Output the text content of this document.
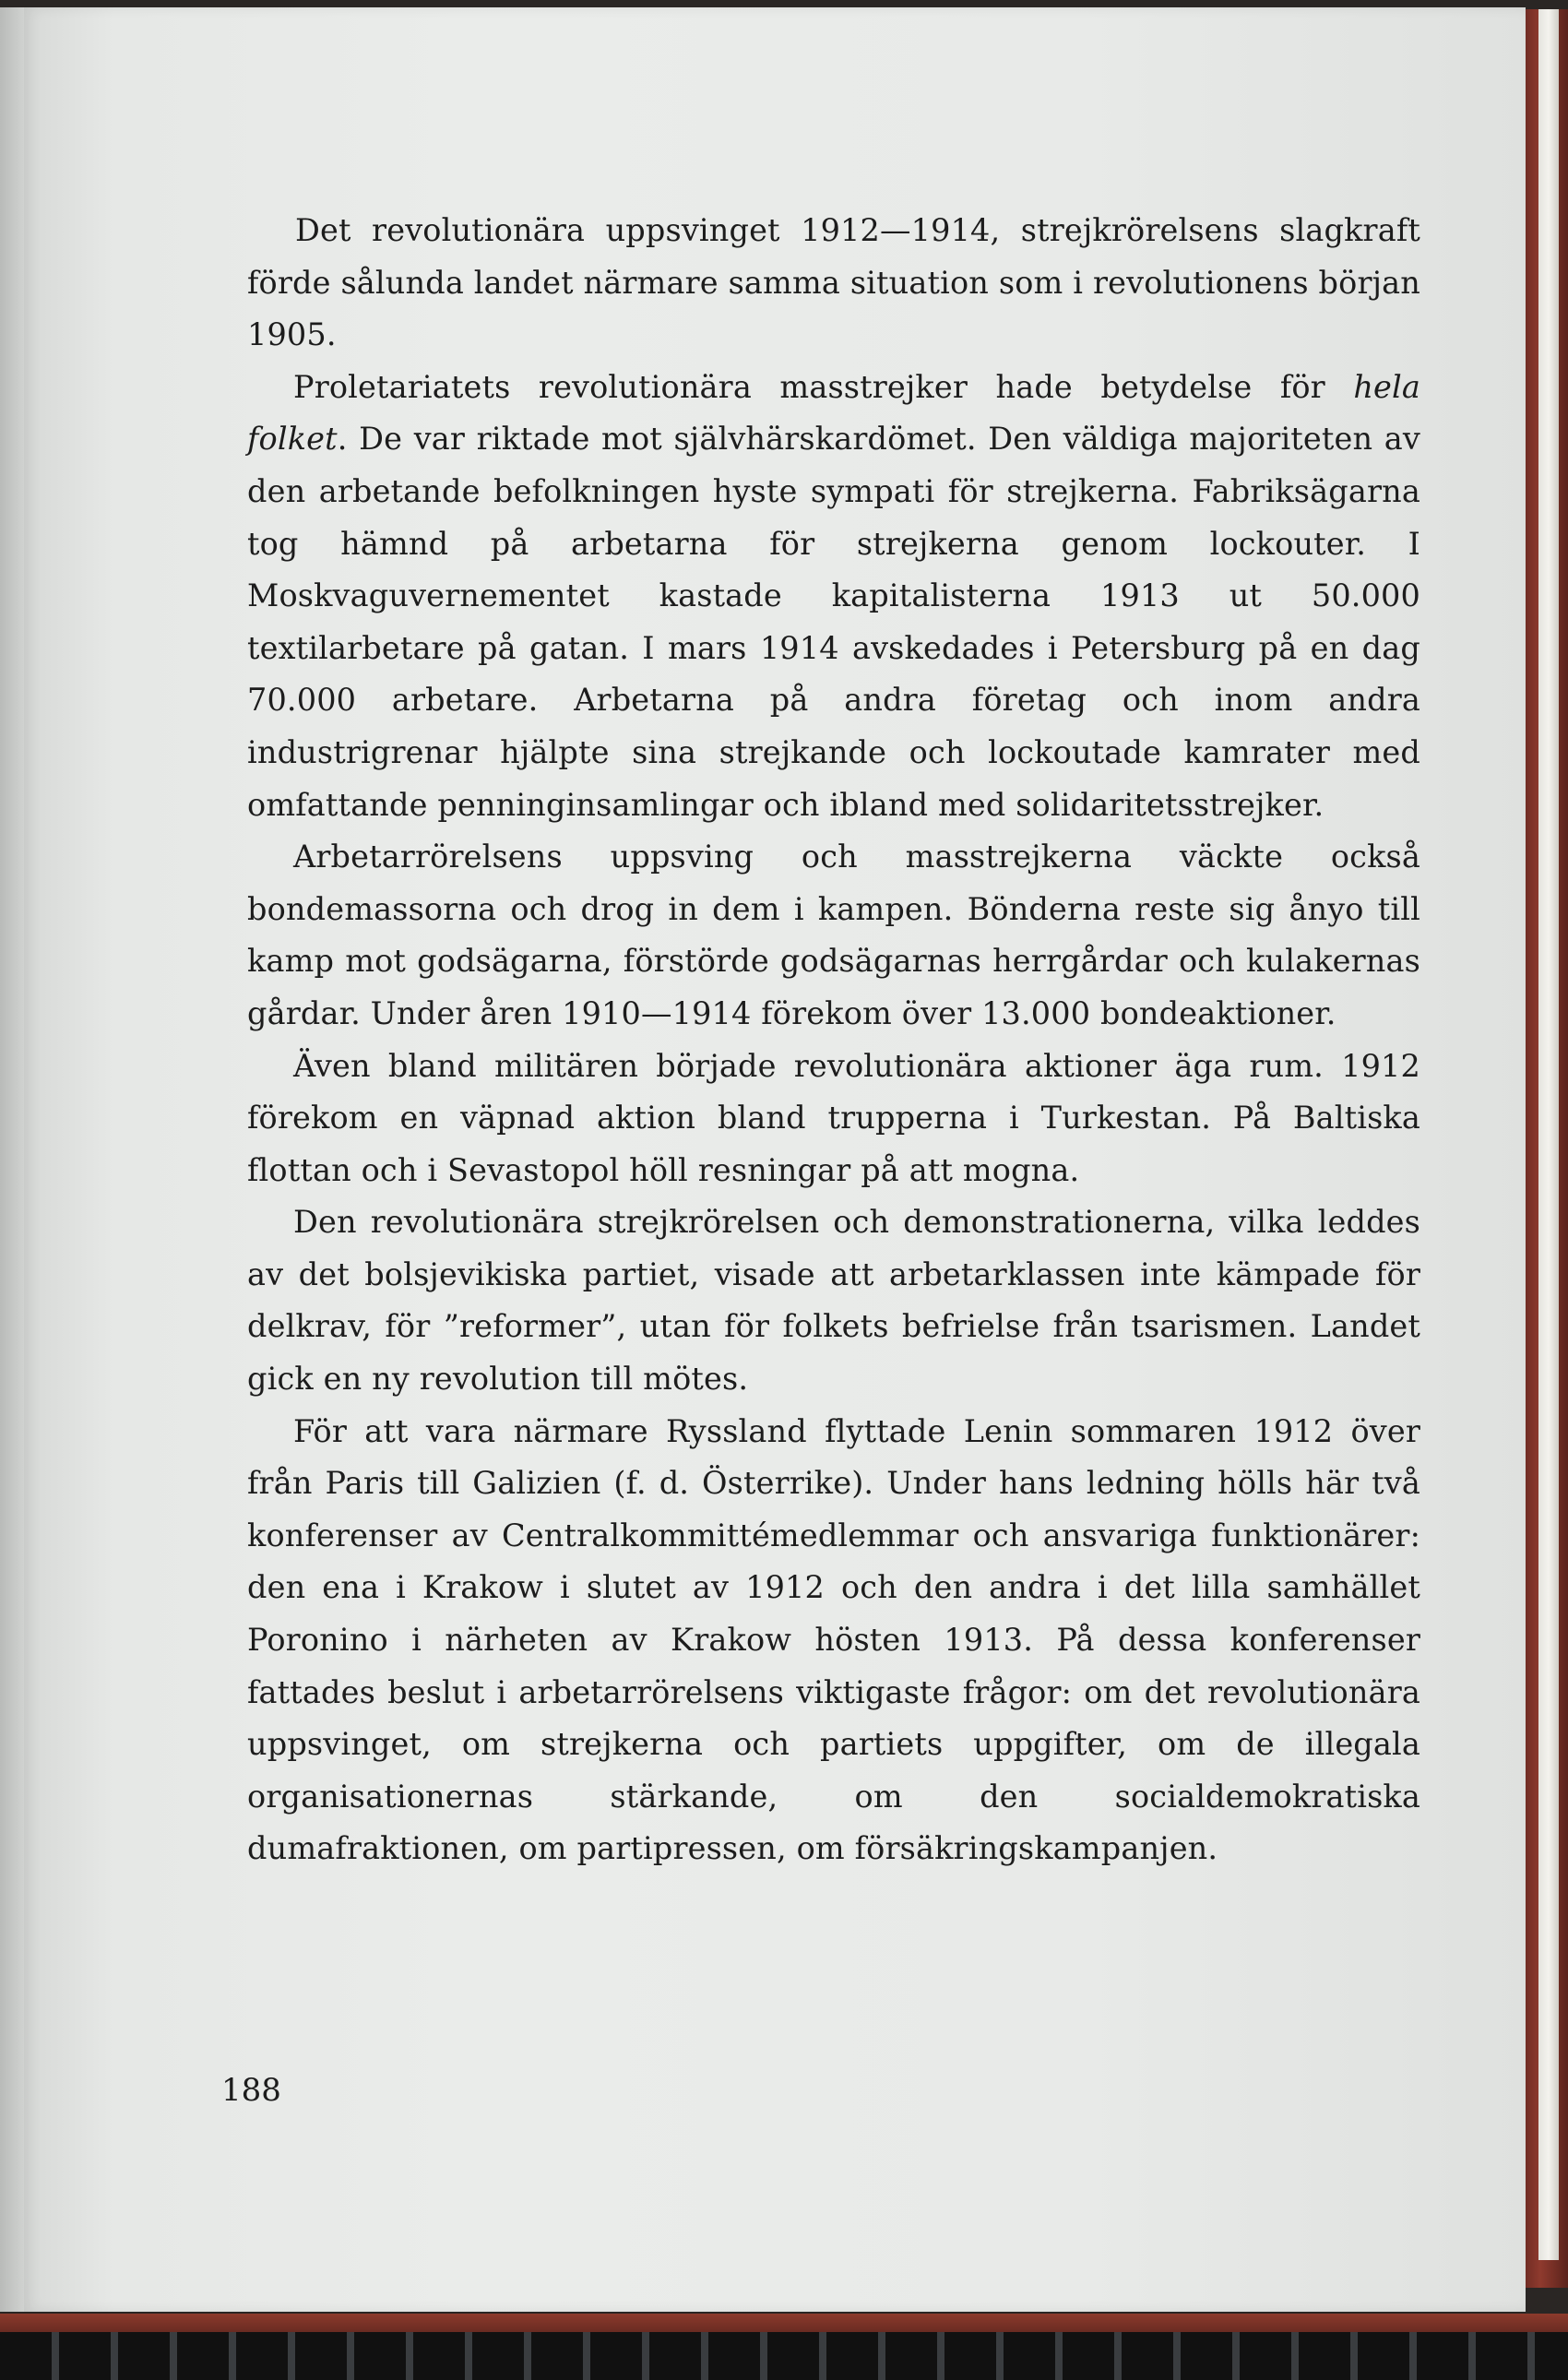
Det revolutionära uppsvinget 1912—1914, strejkrörelsens slagkraft förde sålunda landet närmare samma situation som i revolutionens början 1905.

Proletariatets revolutionära masstrejker hade betydelse för hela folket. De var riktade mot självhärskardömet. Den väldiga majoriteten av den arbetande befolkningen hyste sympati för strejkerna. Fabriksägarna tog hämnd på arbetarna för strejkerna genom lockouter. I Moskvaguvernementet kastade kapitalisterna 1913 ut 50.000 textilarbetare på gatan. I mars 1914 avskedades i Petersburg på en dag 70.000 arbetare. Arbetarna på andra företag och inom andra industrigrenar hjälpte sina strejkande och lockoutade kamrater med omfattande penninginsamlingar och ibland med solidaritetsstrejker.

Arbetarrörelsens uppsving och masstrejkerna väckte också bondemassorna och drog in dem i kampen. Bönderna reste sig ånyo till kamp mot godsägarna, förstörde godsägarnas herrgårdar och kulakernas gårdar. Under åren 1910—1914 förekom över 13.000 bondeaktioner.

Även bland militären började revolutionära aktioner äga rum. 1912 förekom en väpnad aktion bland trupperna i Turkestan. På Baltiska flottan och i Sevastopol höll resningar på att mogna.

Den revolutionära strejkrörelsen och demonstrationerna, vilka leddes av det bolsjevikiska partiet, visade att arbetarklassen inte kämpade för delkrav, för ”reformer”, utan för folkets befrielse från tsarismen. Landet gick en ny revolution till mötes.

För att vara närmare Ryssland flyttade Lenin sommaren 1912 över från Paris till Galizien (f. d. Österrike). Under hans ledning hölls här två konferenser av Centralkommittémedlemmar och ansvariga funktionärer: den ena i Krakow i slutet av 1912 och den andra i det lilla samhället Poronino i närheten av Krakow hösten 1913. På dessa konferenser fattades beslut i arbetarrörelsens viktigaste frågor: om det revolutionära uppsvinget, om strejkerna och partiets uppgifter, om de illegala organisationernas stärkande, om den socialdemokratiska dumafraktionen, om partipressen, om försäkringskampanjen.

188
